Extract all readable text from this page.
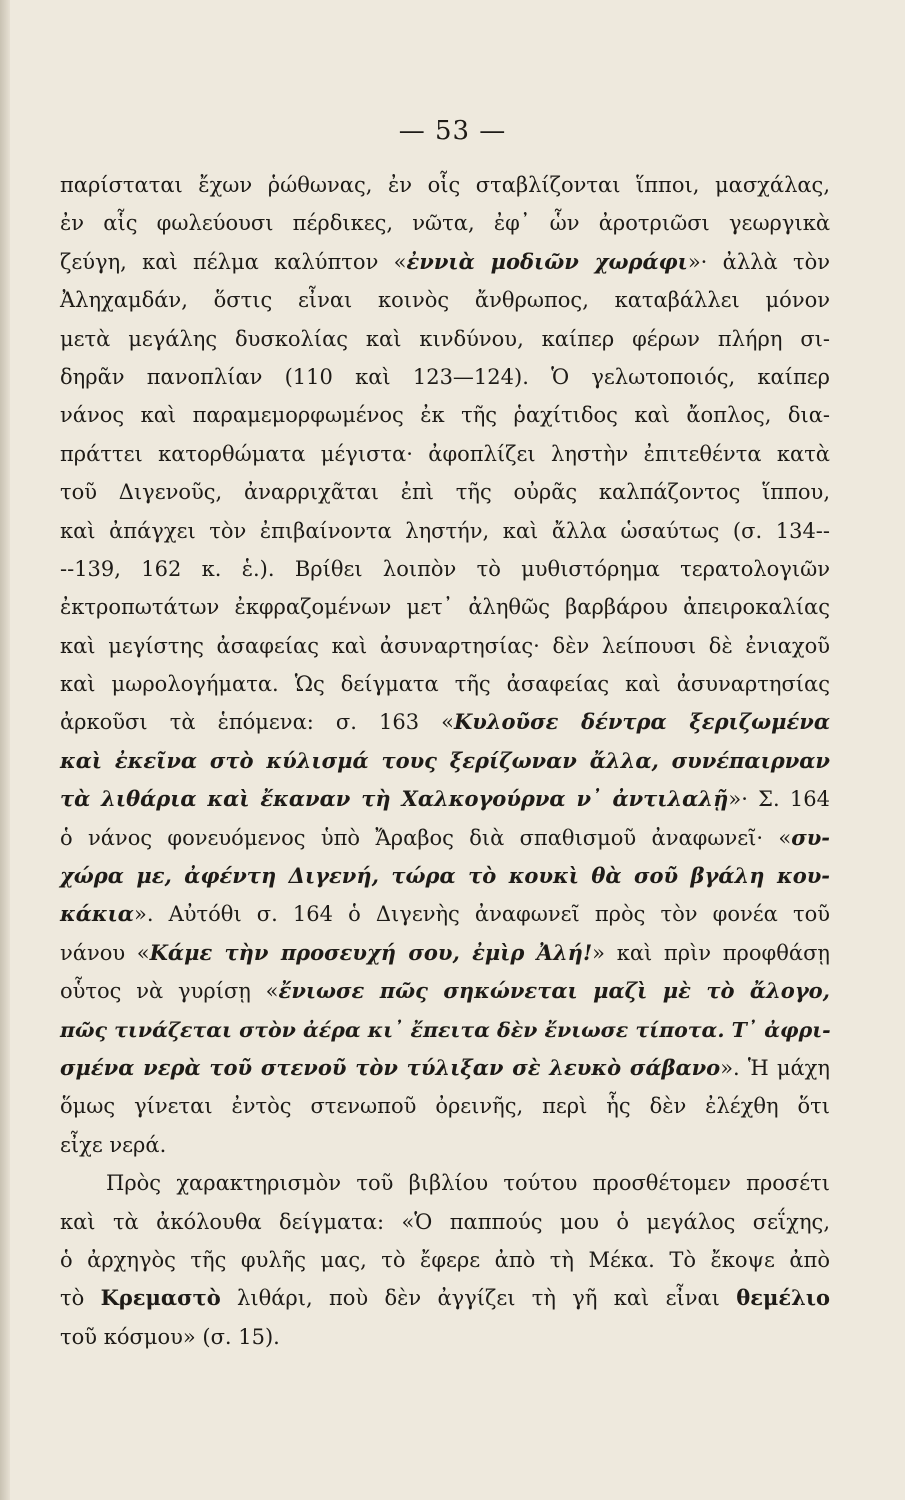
— 53 —
παρίσταται ἔχων ῥώθωνας, ἐν οἷς σταβλίζονται ἵπποι, μασχάλας,
ἐν αἷς φωλεύουσι πέρδικες, νῶτα, ἐφ᾽ ὧν ἀροτριῶσι γεωργικὰ
ζεύγη, καὶ πέλμα καλύπτον «ἐννιὰ μοδιῶν χωράφι»· ἀλλὰ τὸν
Ἀληχαμδάν, ὅστις εἶναι κοινὸς ἄνθρωπος, καταβάλλει μόνον
μετὰ μεγάλης δυσκολίας καὶ κινδύνου, καίπερ φέρων πλήρη σι-
δηρᾶν πανοπλίαν (110 καὶ 123—124). Ὁ γελωτοποιός, καίπερ
νάνος καὶ παραμεμορφωμένος ἐκ τῆς ῥαχίτιδος καὶ ἄοπλος, δια-
πράττει κατορθώματα μέγιστα· ἀφοπλίζει ληστὴν ἐπιτεθέντα κατὰ
τοῦ Διγενοῦς, ἀναρριχᾶται ἐπὶ τῆς οὐρᾶς καλπάζοντος ἵππου,
καὶ ἀπάγχει τὸν ἐπιβαίνοντα ληστήν, καὶ ἄλλα ὡσαύτως (σ. 134--
--139, 162 κ. ἑ.). Βρίθει λοιπὸν τὸ μυθιστόρημα τερατολογιῶν
ἐκτροπωτάτων ἐκφραζομένων μετ᾽ ἀληθῶς βαρβάρου ἀπειροκαλίας
καὶ μεγίστης ἀσαφείας καὶ ἀσυναρτησίας· δὲν λείπουσι δὲ ἐνιαχοῦ
καὶ μωρολογήματα. Ὡς δείγματα τῆς ἀσαφείας καὶ ἀσυναρτησίας
ἀρκοῦσι τὰ ἑπόμενα: σ. 163 «Κυλοῦσε δέντρα ξεριζωμένα
καὶ ἐκεῖνα στὸ κύλισμά τους ξερίζωναν ἄλλα, συνέπαιρναν
τὰ λιθάρια καὶ ἔκαναν τὴ Χαλκογούρνα ν᾽ ἀντιλαλῇ»· Σ. 164
ὁ νάνος φονευόμενος ὑπὸ Ἄραβος διὰ σπαθισμοῦ ἀναφωνεῖ· «συ-
χώρα με, ἀφέντη Διγενή, τώρα τὸ κουκὶ θὰ σοῦ βγάλη κου-
κάκια». Αὐτόθι σ. 164 ὁ Διγενὴς ἀναφωνεῖ πρὸς τὸν φονέα τοῦ
νάνου «Κάμε τὴν προσευχή σου, ἐμὶρ Ἀλή!» καὶ πρὶν προφθάσῃ
οὗτος νὰ γυρίσῃ «ἔνιωσε πῶς σηκώνεται μαζὶ μὲ τὸ ἄλογο,
πῶς τινάζεται στὸν ἀέρα κι᾽ ἔπειτα δὲν ἔνιωσε τίποτα. Τ᾽ ἀφρι-
σμένα νερὰ τοῦ στενοῦ τὸν τύλιξαν σὲ λευκὸ σάβανο». Ἡ μάχη
ὅμως γίνεται ἐντὸς στενωποῦ ὀρεινῆς, περὶ ἧς δὲν ἐλέχθη ὅτι
εἶχε νερά.
Πρὸς χαρακτηρισμὸν τοῦ βιβλίου τούτου προσθέτομεν προσέτι
καὶ τὰ ἀκόλουθα δείγματα: «Ὁ παππούς μου ὁ μεγάλος σεΐχης,
ὁ ἀρχηγὸς τῆς φυλῆς μας, τὸ ἔφερε ἀπὸ τὴ Μέκα. Τὸ ἔκοψε ἀπὸ
τὸ Κρεμαστὸ λιθάρι, ποὺ δὲν ἀγγίζει τὴ γῆ καὶ εἶναι θεμέλιο
τοῦ κόσμου» (σ. 15).
